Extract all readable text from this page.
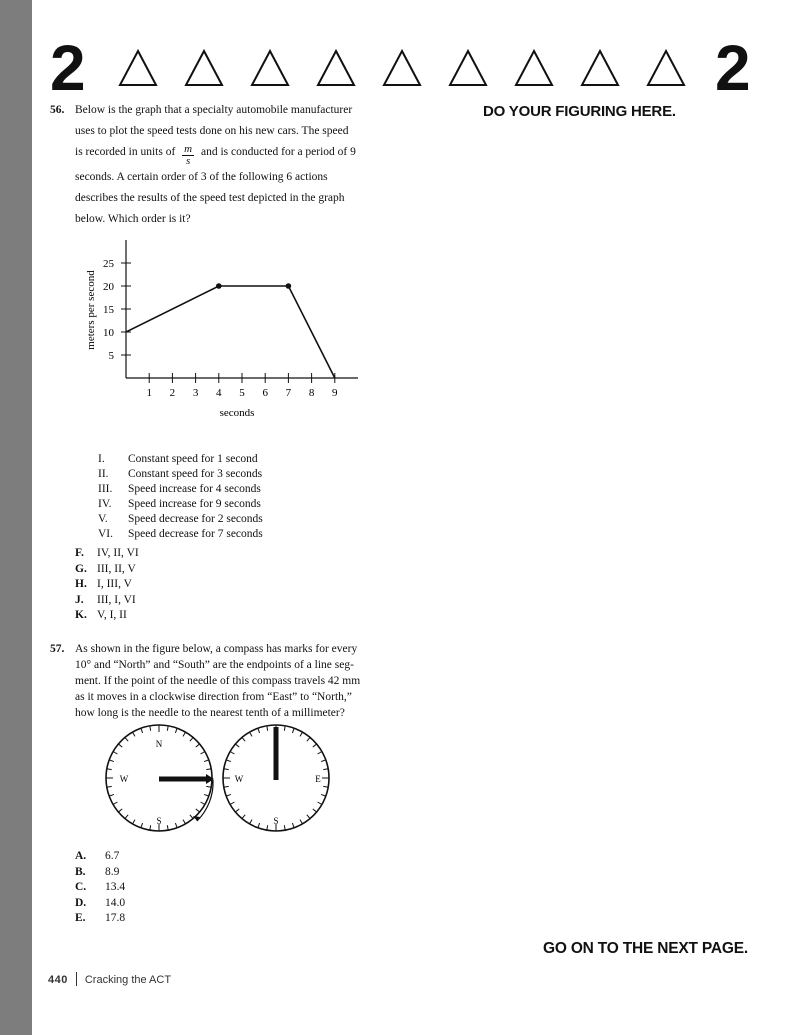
2	2
DO YOUR FIGURING HERE.
56. Below is the graph that a specialty automobile manufacturer
uses to plot the speed tests done on his new cars. The speed
is recorded in units of $\frac{m}{s}$ and is conducted for a period of 9
seconds. A certain order of 3 of the following 6 actions
describes the results of the speed test depicted in the graph
below. Which order is it?
1 2 3 4 5 6 7 8 9
5
10
15
20
25
meters per second
seconds
I. Constant speed for 1 second
II. Constant speed for 3 seconds
III. Speed increase for 4 seconds
IV. Speed increase for 9 seconds
V. Speed decrease for 2 seconds
VI. Speed decrease for 7 seconds
F. IV, II, VI
G. III, II, V
H. I, III, V
J. III, I, VI
K. V, I, II
57. As shown in the figure below, a compass has marks for every
10° and “North” and “South” are the endpoints of a line seg-
ment. If the point of the needle of this compass travels 42 mm
as it moves in a clockwise direction from “East” to “North,”
how long is the needle to the nearest tenth of a millimeter?
N
S
W	W
S
E
A. 6.7
B. 8.9
C. 13.4
D. 14.0
E. 17.8
GO ON TO THE NEXT PAGE.
440 Cracking the ACT
